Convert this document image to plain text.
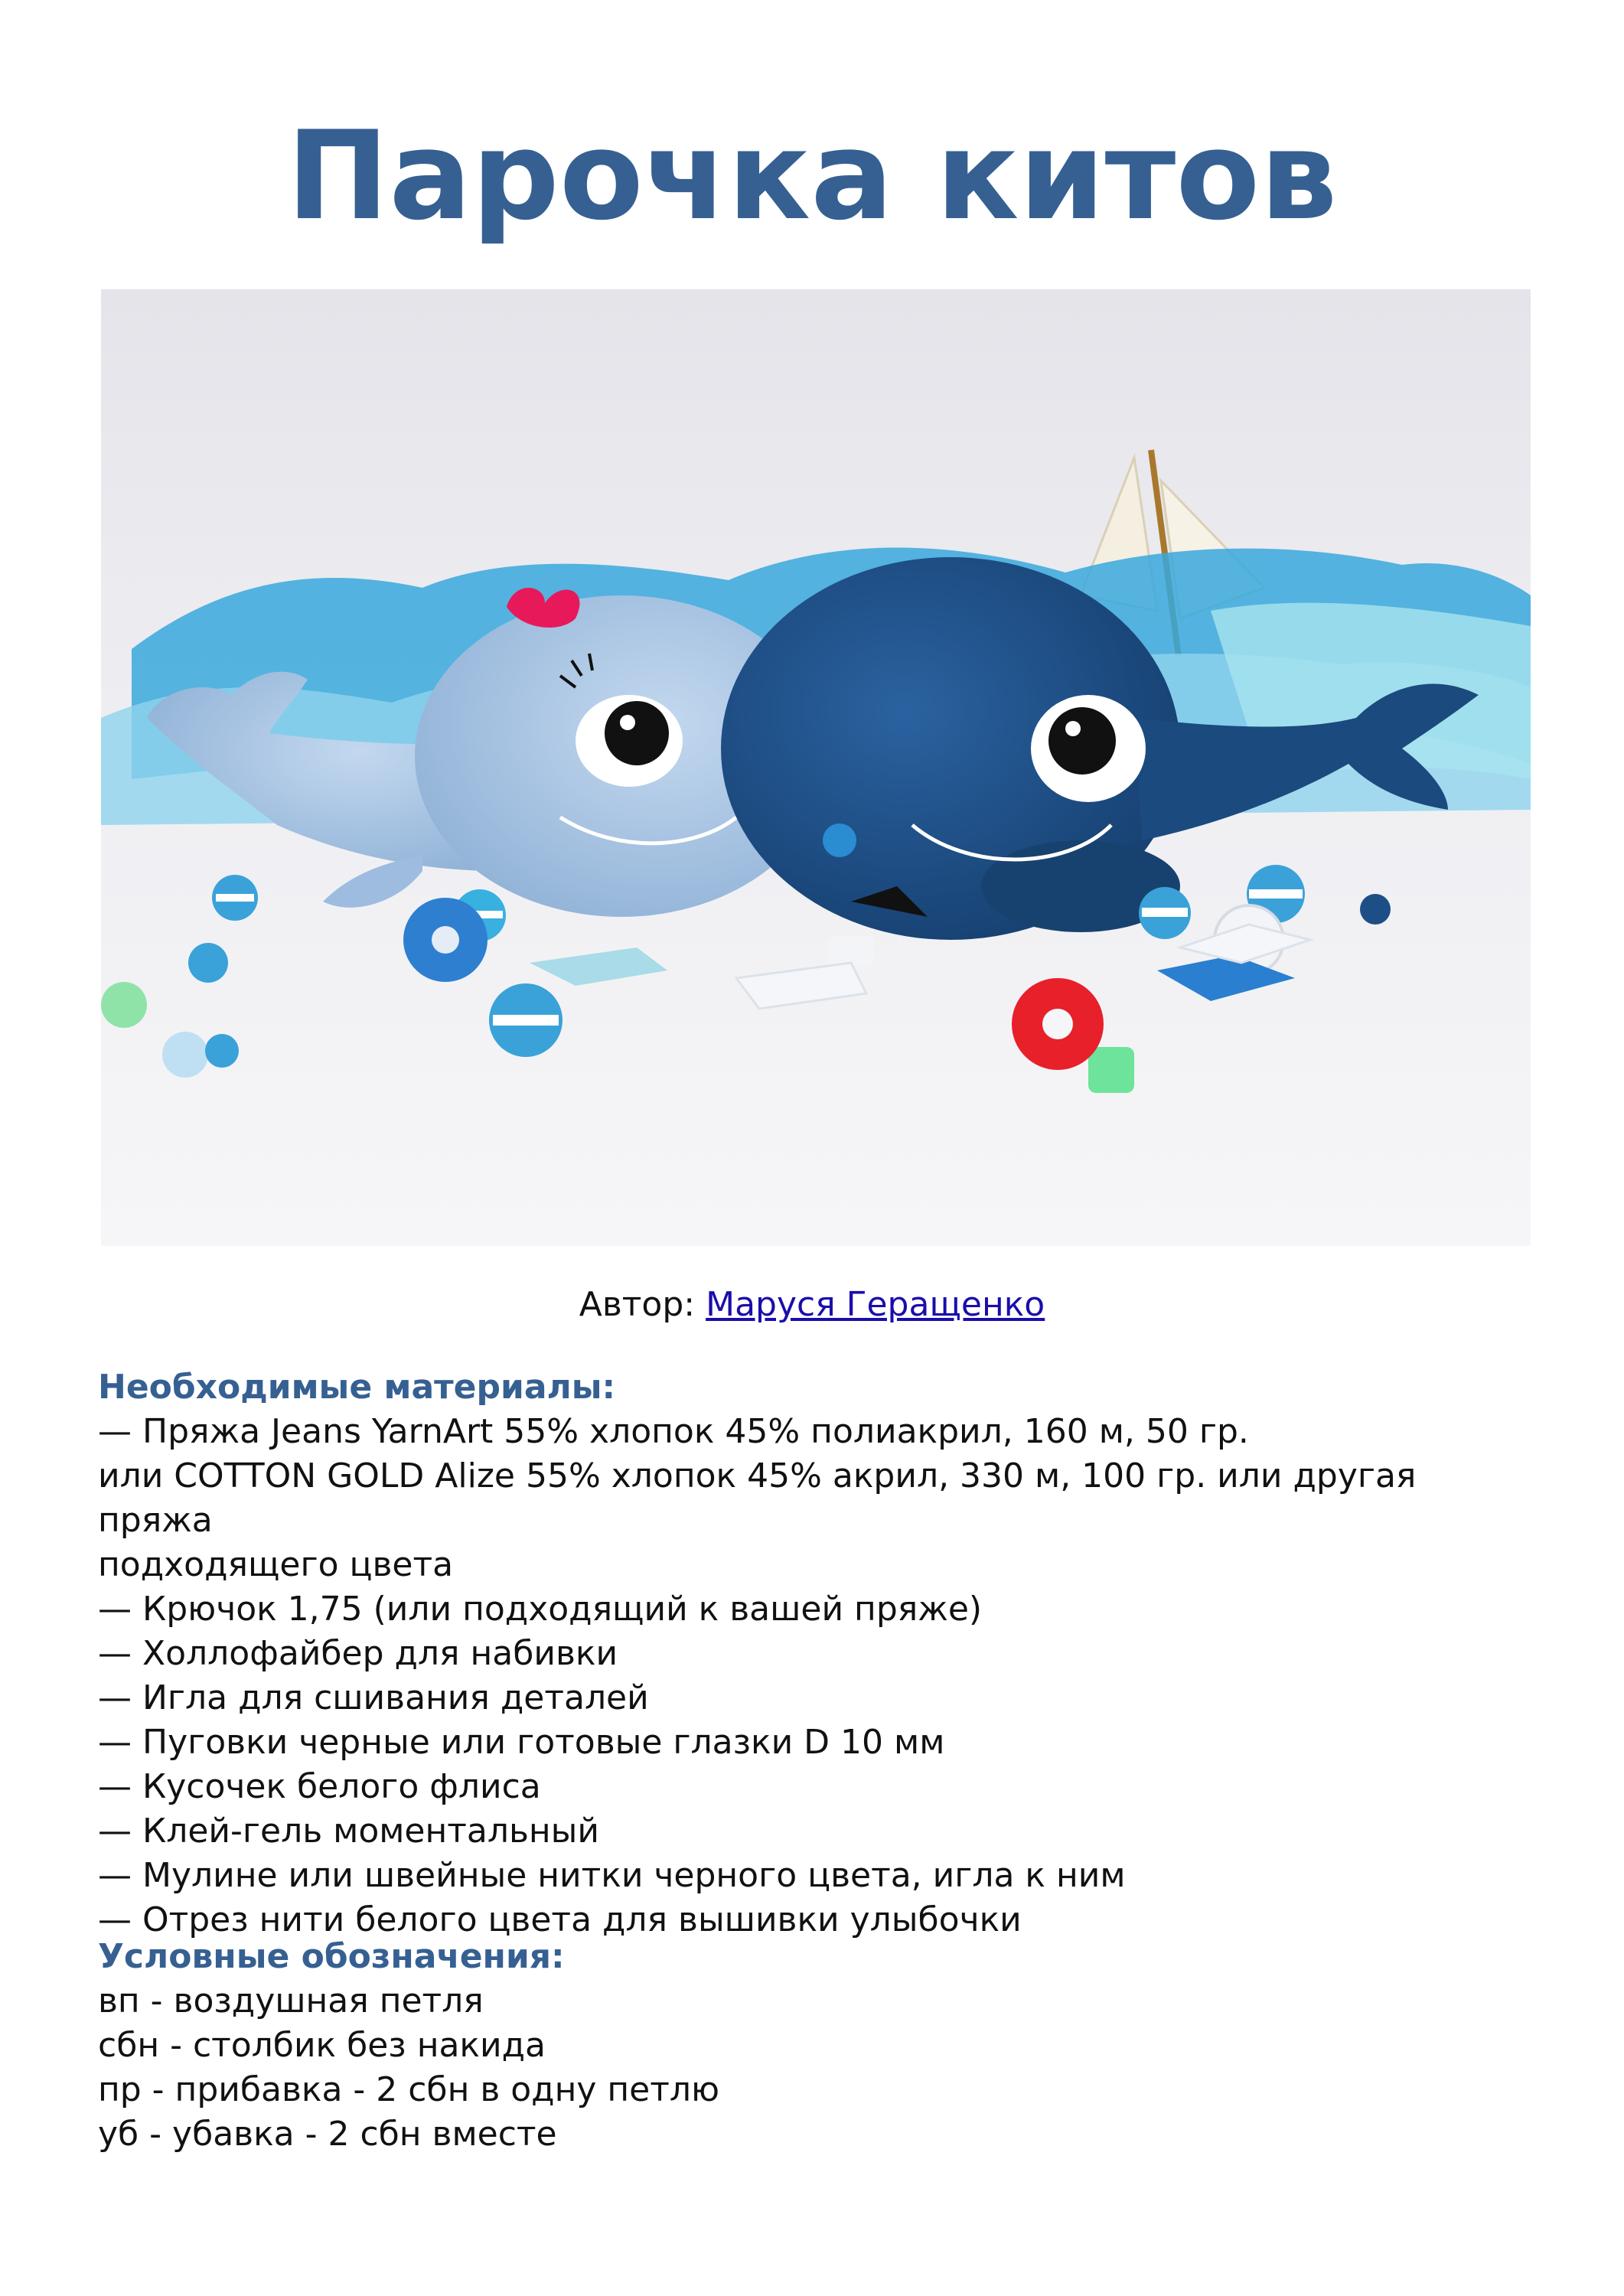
Парочка китов
Автор: Маруся Геращенко
Необходимые материалы:
— Пряжа Jeans YarnArt 55% хлопок 45% полиакрил, 160 м, 50 гр.
или COTTON GOLD Alize 55% хлопок 45% акрил, 330 м, 100 гр. или другая пряжа
подходящего цвета
— Крючок 1,75 (или подходящий к вашей пряже)
— Холлофайбер для набивки
— Игла для сшивания деталей
— Пуговки черные или готовые глазки D 10 мм
— Кусочек белого флиса
— Клей-гель моментальный
— Мулине или швейные нитки черного цвета, игла к ним
— Отрез нити белого цвета для вышивки улыбочки
Условные обозначения:
вп - воздушная петля
сбн - столбик без накида
пр - прибавка - 2 сбн в одну петлю
уб - убавка - 2 сбн вместе
